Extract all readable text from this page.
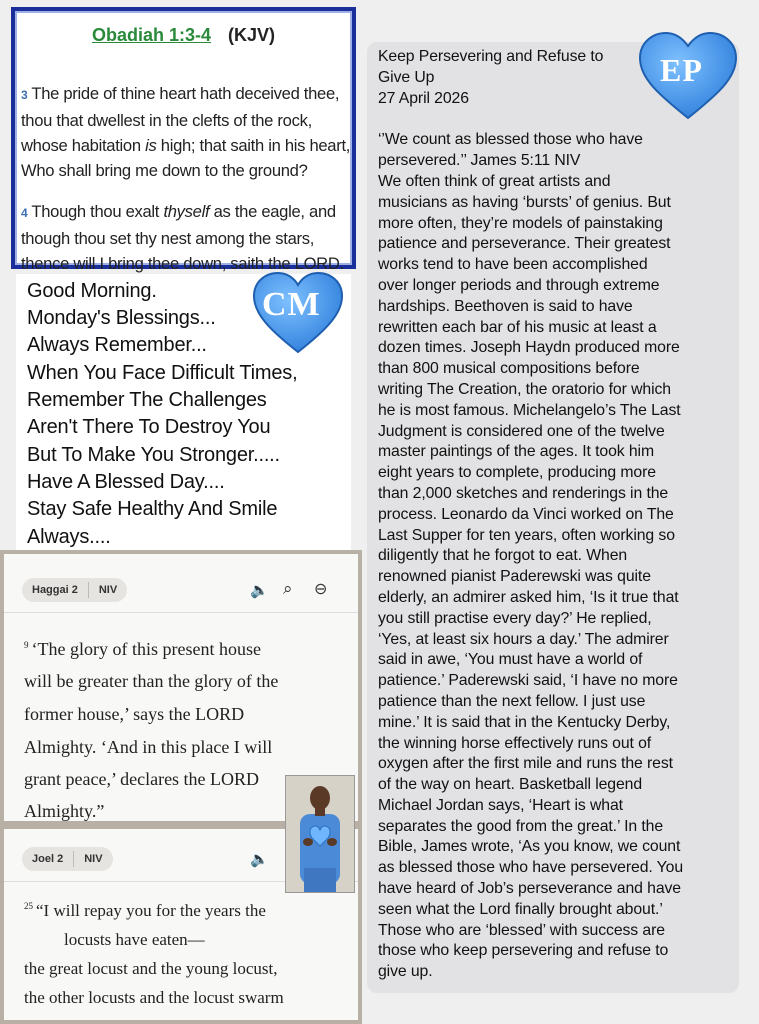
Obadiah 1:3-4 (KJV)
3 The pride of thine heart hath deceived thee,
thou that dwellest in the clefts of the rock,
whose habitation is high; that saith in his heart,
Who shall bring me down to the ground?
4 Though thou exalt thyself as the eagle, and
though thou set thy nest among the stars,
thence will I bring thee down, saith the LORD.
Good Morning.
Monday's Blessings...
Always Remember...
When You Face Difficult Times,
Remember The Challenges
Aren't There To Destroy You
But To Make You Stronger.....
Have A Blessed Day....
Stay Safe Healthy And Smile
Always....
CM
Haggai 2	NIV	🔈 ⌕ ⊖
$^9$ ‘The glory of this present house
will be greater than the glory of the
former house,’ says the LORD
Almighty. ‘And in this place I will
grant peace,’ declares the LORD
Almighty.”
Joel 2	NIV	🔈
$^{25}$ “I will repay you for the years the
locusts have eaten—
the great locust and the young locust,
the other locusts and the locust swarm

Keep Persevering and Refuse to

Give Up

27 April 2026

‘’We count as blessed those who have

persevered.’’ James 5:11 NIV

We often think of great artists and

musicians as having ‘bursts’ of genius. But

more often, they’re models of painstaking

patience and perseverance. Their greatest

works tend to have been accomplished

over longer periods and through extreme

hardships. Beethoven is said to have

rewritten each bar of his music at least a

dozen times. Joseph Haydn produced more

than 800 musical compositions before

writing The Creation, the oratorio for which

he is most famous. Michelangelo’s The Last

Judgment is considered one of the twelve

master paintings of the ages. It took him

eight years to complete, producing more

than 2,000 sketches and renderings in the

process. Leonardo da Vinci worked on The

Last Supper for ten years, often working so

diligently that he forgot to eat. When

renowned pianist Paderewski was quite

elderly, an admirer asked him, ‘Is it true that

you still practise every day?’ He replied,

‘Yes, at least six hours a day.’ The admirer

said in awe, ‘You must have a world of

patience.’ Paderewski said, ‘I have no more

patience than the next fellow. I just use

mine.’ It is said that in the Kentucky Derby,

the winning horse effectively runs out of

oxygen after the first mile and runs the rest

of the way on heart. Basketball legend

Michael Jordan says, ‘Heart is what

separates the good from the great.’ In the

Bible, James wrote, ‘As you know, we count

as blessed those who have persevered. You

have heard of Job’s perseverance and have

seen what the Lord finally brought about.’

Those who are ‘blessed’ with success are

those who keep persevering and refuse to

give up.

EP
